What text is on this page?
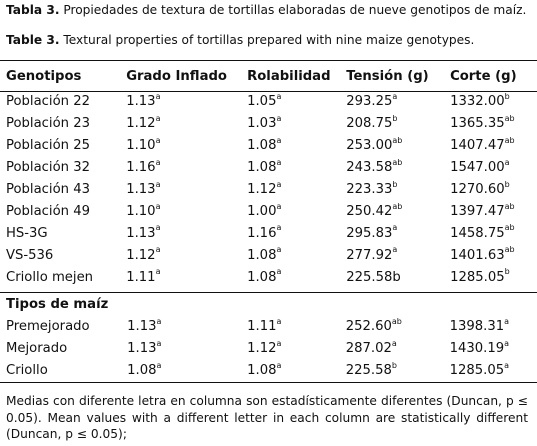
Tabla 3. Propiedades de textura de tortillas elaboradas de nueve genotipos de maíz.
Table 3. Textural properties of tortillas prepared with nine maize genotypes.
Genotipos	Grado Inflado	Rolabilidad	Tensión (g)	Corte (g)
Población 22	1.13$^a$	1.05$^a$	293.25$^a$	1332.00$^b$
Población 23	1.12$^a$	1.03$^a$	208.75$^b$	1365.35$^{ab}$
Población 25	1.10$^a$	1.08$^a$	253.00$^{ab}$	1407.47$^{ab}$
Población 32	1.16$^a$	1.08$^a$	243.58$^{ab}$	1547.00$^a$
Población 43	1.13$^a$	1.12$^a$	223.33$^b$	1270.60$^b$
Población 49	1.10$^a$	1.00$^a$	250.42$^{ab}$	1397.47$^{ab}$
HS-3G	1.13$^a$	1.16$^a$	295.83$^a$	1458.75$^{ab}$
VS-536	1.12$^a$	1.08$^a$	277.92$^a$	1401.63$^{ab}$
Criollo mejen	1.11$^a$	1.08$^a$	225.58b	1285.05$^b$
Tipos de maíz				
Premejorado	1.13$^a$	1.11$^a$	252.60$^{ab}$	1398.31$^a$
Mejorado	1.13$^a$	1.12$^a$	287.02$^a$	1430.19$^a$
Criollo	1.08$^a$	1.08$^a$	225.58$^b$	1285.05$^a$
Medias con diferente letra en columna son estadísticamente diferentes (Duncan, p ≤ 0.05). Mean values with a different letter in each column are statistically different (Duncan, p ≤ 0.05);
